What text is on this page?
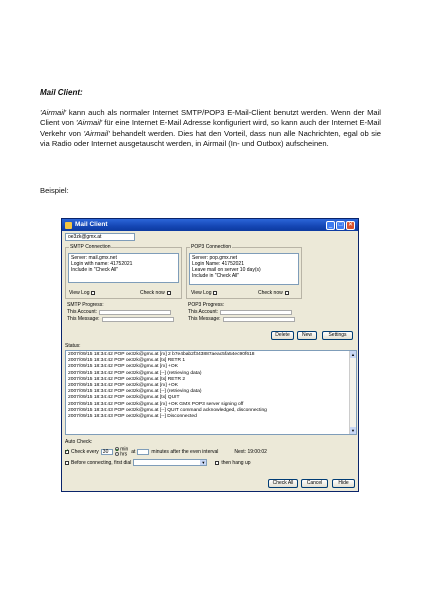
Mail Client:
'Airmail' kann auch als normaler Internet SMTP/POP3 E-Mail-Client benutzt werden. Wenn der Mail Client von 'Airmail' für eine Internet E-Mail Adresse konfiguriert wird, so kann auch der Internet E-Mail Verkehr von 'Airmail' behandelt werden. Dies hat den Vorteil, dass nun alle Nachrichten, egal ob sie via Radio oder Internet ausgetauscht werden, in Airmail (In- und Outbox) aufscheinen.
Beispiel:
Mail Client	_	□ ✕
oe3zk@gmx.at
SMTP Connection
Server: mail.gmx.net
Login with name: 41752021
Include in "Check All"
View Log	Check now
POP3 Connection
Server: pop.gmx.net
Login Name: 41752021
Leave mail on server 10 day(s)
Include in "Check All"
View Log	Check now
SMTP Progress:
This Account:
This Message:
POP3 Progress:
This Account:
This Message:
Delete	New	Settings
Status:
2007/09/15 18:34:42 POP oe3zk@gmx.at [rx] 2 b7e4bab2f343887aeac5fa54ec90f618
2007/09/15 18:34:42 POP oe3zk@gmx.at [tx] RETR 1
2007/09/15 18:34:42 POP oe3zk@gmx.at [rx] +OK
2007/09/15 18:34:42 POP oe3zk@gmx.at [--] (retrieving data)
2007/09/15 18:34:42 POP oe3zk@gmx.at [tx] RETR 2
2007/09/15 18:34:42 POP oe3zk@gmx.at [rx] +OK
2007/09/15 18:34:42 POP oe3zk@gmx.at [--] (retrieving data)
2007/09/15 18:34:42 POP oe3zk@gmx.at [tx] QUIT
2007/09/15 18:34:42 POP oe3zk@gmx.at [rx] +OK GMX POP3 server signing off
2007/09/15 18:34:43 POP oe3zk@gmx.at [--] QUIT command acknowledged, disconnecting
2007/09/15 18:34:43 POP oe3zk@gmx.at [--] Disconnected
▲
▼
Auto Check:
✓
Check every 30	min
hrs at	minutes after the even interval	Next: 19:00:02
Before connecting, first dial	▼	then hang up
Check All	Cancel	Hide
